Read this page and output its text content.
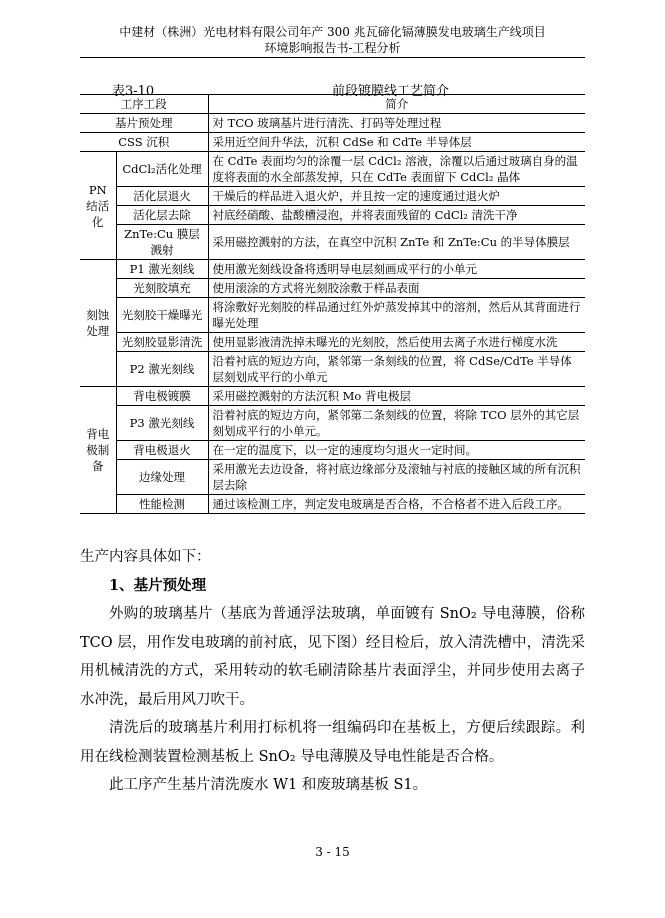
中建材（株洲）光电材料有限公司年产 300 兆瓦碲化镉薄膜发电玻璃生产线项目
环境影响报告书-工程分析
表3-10	前段镀膜线工艺简介
工序工段		简介
基片预处理		对 TCO 玻璃基片进行清洗、打码等处理过程
CSS 沉积		采用近空间升华法，沉积 CdSe 和 CdTe 半导体层
PN结活化	CdCl₂活化处理	在 CdTe 表面均匀的涂覆一层 CdCl₂ 溶液，涂覆以后通过玻璃自身的温度将表面的水全部蒸发掉，只在 CdTe 表面留下 CdCl₂ 晶体
	活化层退火	干燥后的样品进入退火炉，并且按一定的速度通过退火炉
	活化层去除	衬底经硝酸、盐酸槽浸泡，并将表面残留的 CdCl₂ 清洗干净
	ZnTe:Cu 膜层溅射	采用磁控溅射的方法，在真空中沉积 ZnTe 和 ZnTe:Cu 的半导体膜层
刻蚀处理	P1 激光刻线	使用激光刻线设备将透明导电层刻画成平行的小单元
	光刻胶填充	使用滚涂的方式将光刻胶涂敷于样品表面
	光刻胶干燥曝光	将涂敷好光刻胶的样品通过红外炉蒸发掉其中的溶剂，然后从其背面进行曝光处理
	光刻胶显影清洗	使用显影液清洗掉未曝光的光刻胶，然后使用去离子水进行梯度水洗
	P2 激光刻线	沿着衬底的短边方向，紧邻第一条刻线的位置，将 CdSe/CdTe 半导体层刻划成平行的小单元
背电极制备	背电极镀膜	采用磁控溅射的方法沉积 Mo 背电极层
	P3 激光刻线	沿着衬底的短边方向，紧邻第二条刻线的位置，将除 TCO 层外的其它层刻划成平行的小单元。
	背电极退火	在一定的温度下，以一定的速度均匀退火一定时间。
	边缘处理	采用激光去边设备，将衬底边缘部分及滚轴与衬底的接触区域的所有沉积层去除
	性能检测	通过该检测工序，判定发电玻璃是否合格，不合格者不进入后段工序。

生产内容具体如下：

1、基片预处理

外购的玻璃基片（基底为普通浮法玻璃，单面镀有 SnO₂ 导电薄膜，俗称 TCO 层，用作发电玻璃的前衬底，见下图）经目检后，放入清洗槽中，清洗采用机械清洗的方式，采用转动的软毛刷清除基片表面浮尘，并同步使用去离子水冲洗，最后用风刀吹干。

清洗后的玻璃基片利用打标机将一组编码印在基板上，方便后续跟踪。利用在线检测装置检测基板上 SnO₂ 导电薄膜及导电性能是否合格。

此工序产生基片清洗废水 W1 和废玻璃基板 S1。

3 - 15
